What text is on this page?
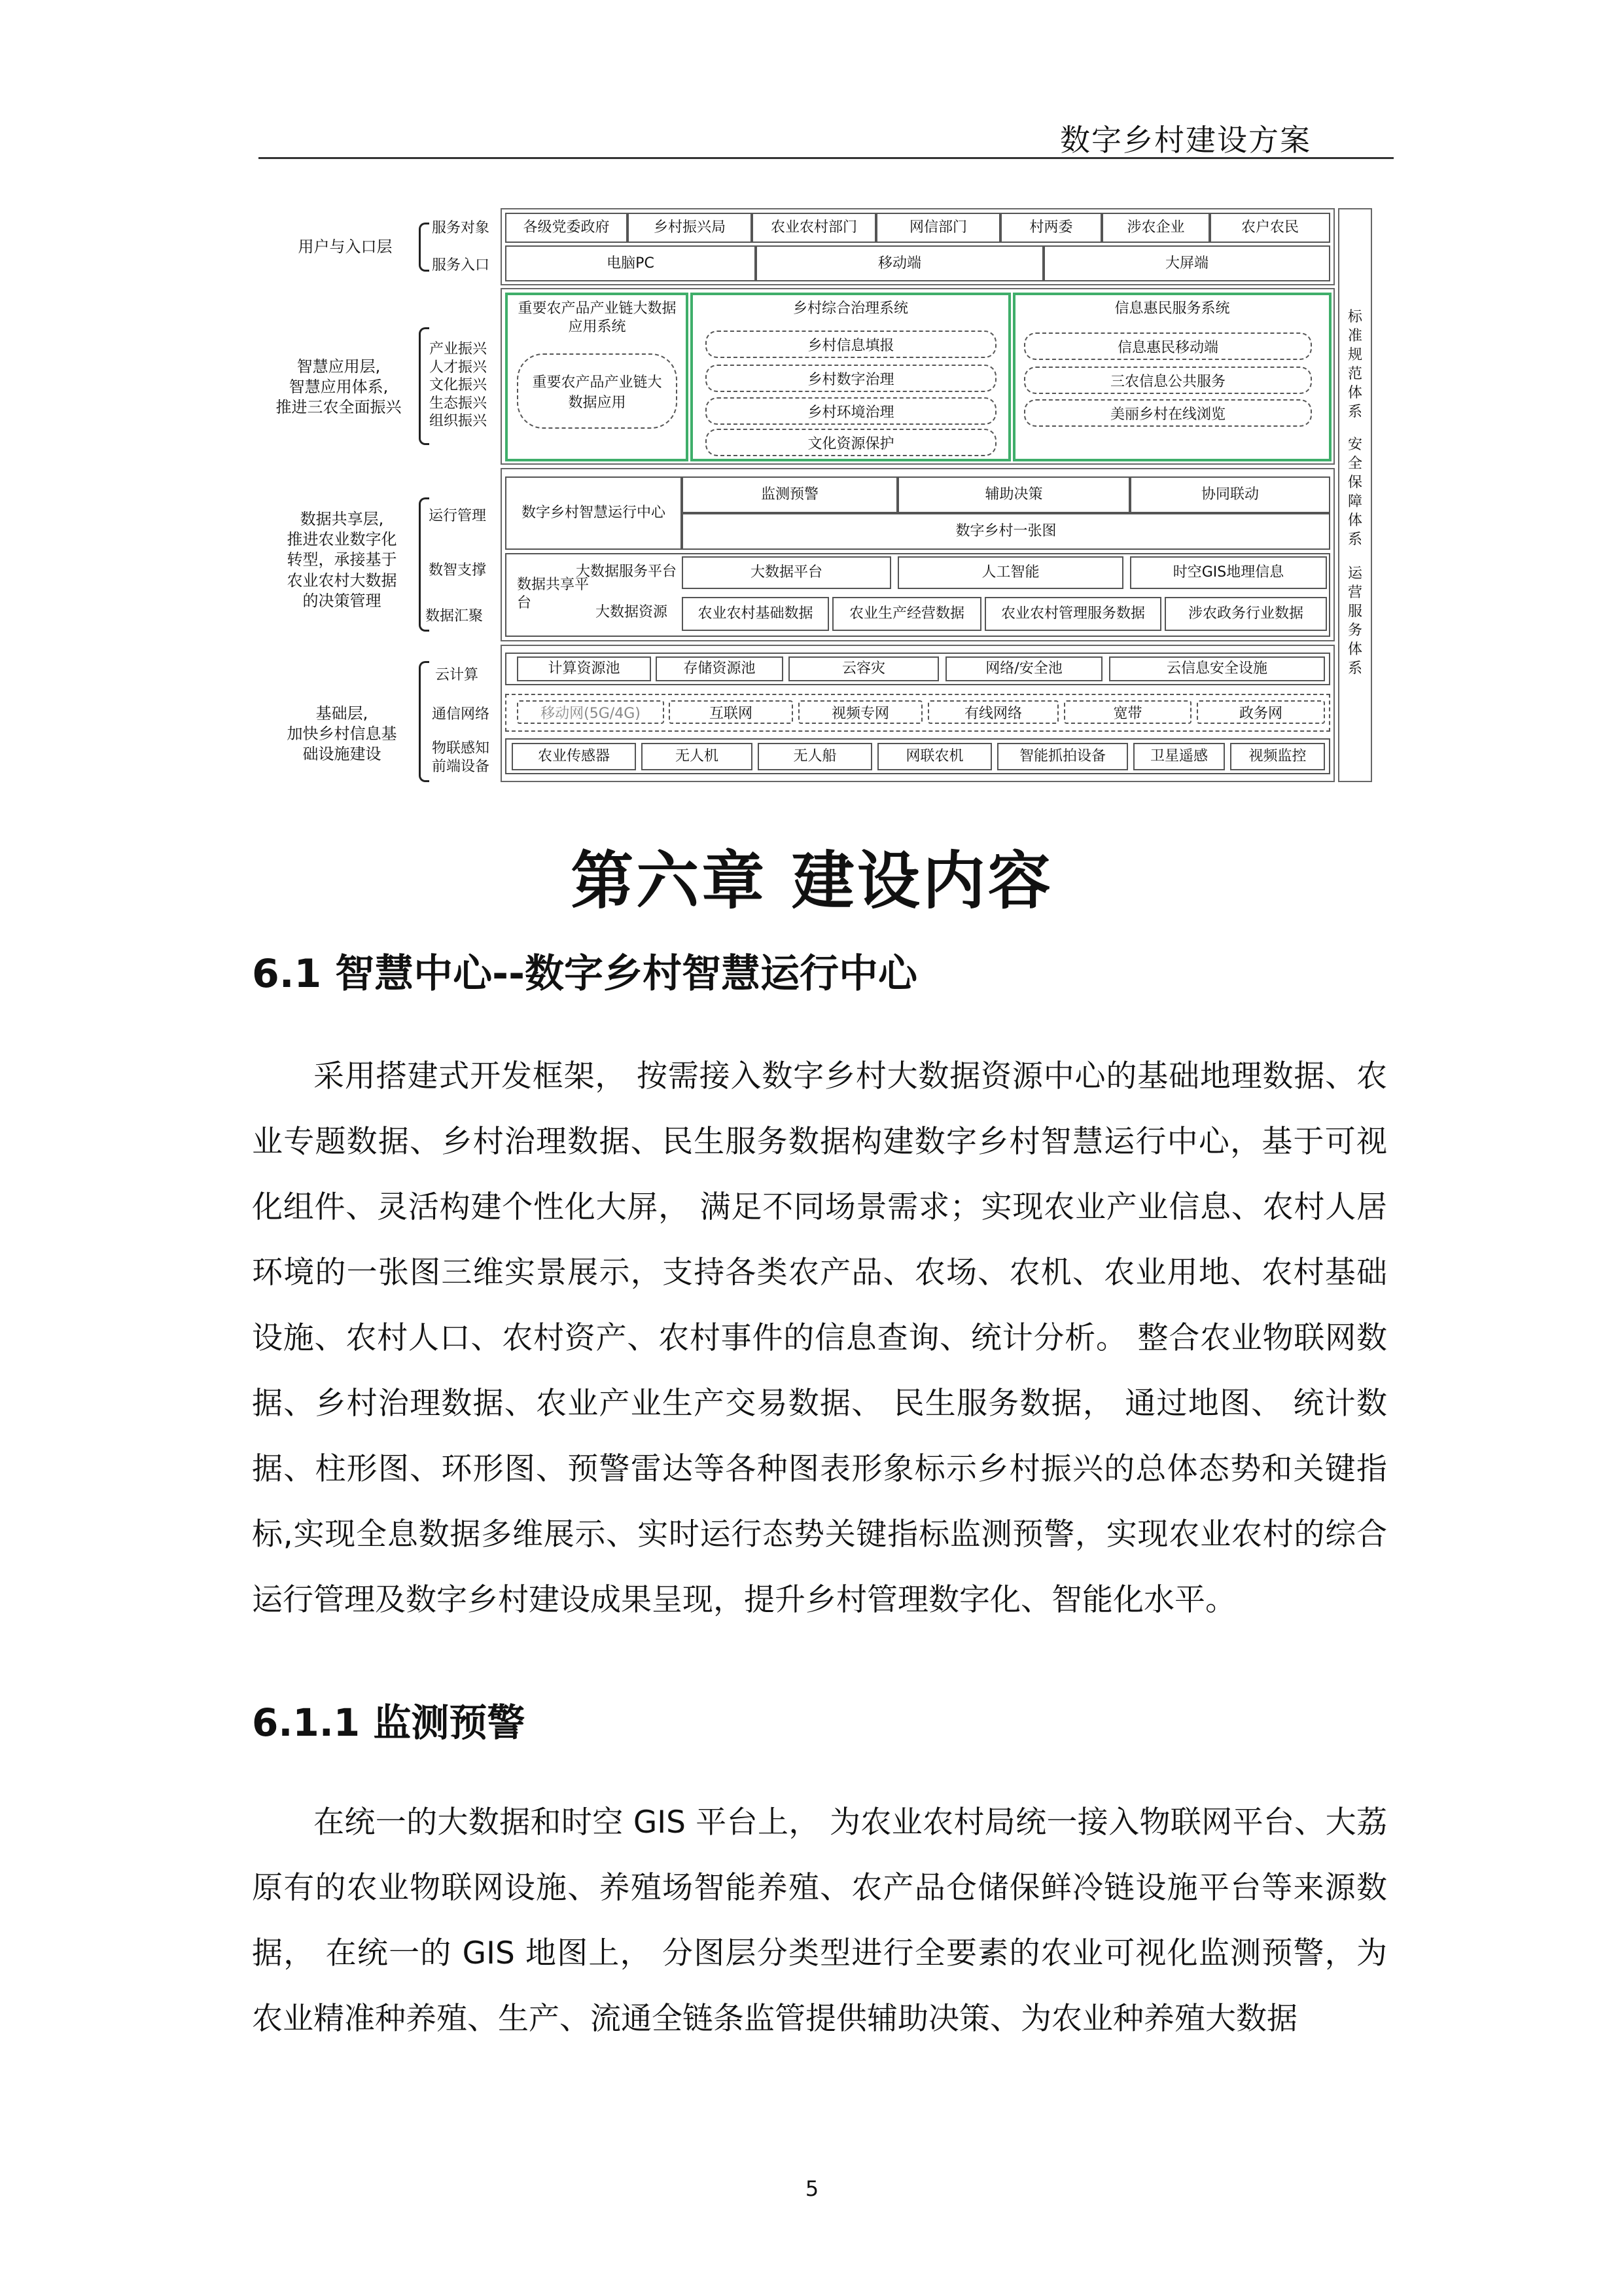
数字乡村建设方案
用户与入口层
智慧应用层,
智慧应用体系,
推进三农全面振兴
数据共享层,
推进农业数字化
转型，承接基于
农业农村大数据
的决策管理
基础层,
加快乡村信息基
础设施建设
服务对象
服务入口
产业振兴
人才振兴
文化振兴
生态振兴
组织振兴
运行管理
数智支撑
数据汇聚
云计算
通信网络
物联感知前端设备
各级党委政府	乡村振兴局	农业农村部门	网信部门	村两委	涉农企业	农户农民
电脑PC	移动端	大屏端
重要农产品产业链大数据应用系统
重要农产品产业链大数据应用
乡村综合治理系统
乡村信息填报
乡村数字治理
乡村环境治理
文化资源保护
信息惠民服务系统
信息惠民移动端
三农信息公共服务
美丽乡村在线浏览
数字乡村智慧运行中心
监测预警	辅助决策	协同联动
数字乡村一张图
数据共享平台
大数据服务平台
大数据资源
大数据平台	人工智能	时空GIS地理信息
农业农村基础数据	农业生产经营数据	农业农村管理服务数据	涉农政务行业数据
计算资源池	存储资源池	云容灾	网络/安全池	云信息安全设施
移动网(5G/4G)	互联网	视频专网	有线网络	宽带	政务网
农业传感器	无人机	无人船	网联农机	智能抓拍设备	卫星遥感	视频监控
标准规范体系
安全保障体系
运营服务体系
第六章 建设内容
6.1 智慧中心--数字乡村智慧运行中心
采用搭建式开发框架， 按需接入数字乡村大数据资源中心的基础地理数据、农业专题数据、乡村治理数据、民生服务数据构建数字乡村智慧运行中心，基于可视化组件、灵活构建个性化大屏， 满足不同场景需求；实现农业产业信息、农村人居环境的一张图三维实景展示，支持各类农产品、农场、农机、农业用地、农村基础设施、农村人口、农村资产、农村事件的信息查询、统计分析。 整合农业物联网数据、乡村治理数据、农业产业生产交易数据、 民生服务数据， 通过地图、 统计数据、柱形图、环形图、预警雷达等各种图表形象标示乡村振兴的总体态势和关键指标,实现全息数据多维展示、实时运行态势关键指标监测预警，实现农业农村的综合运行管理及数字乡村建设成果呈现，提升乡村管理数字化、智能化水平。
6.1.1 监测预警
在统一的大数据和时空 GIS 平台上， 为农业农村局统一接入物联网平台、大荔原有的农业物联网设施、养殖场智能养殖、农产品仓储保鲜冷链设施平台等来源数据， 在统一的 GIS 地图上， 分图层分类型进行全要素的农业可视化监测预警，为农业精准种养殖、生产、流通全链条监管提供辅助决策、为农业种养殖大数据
5
